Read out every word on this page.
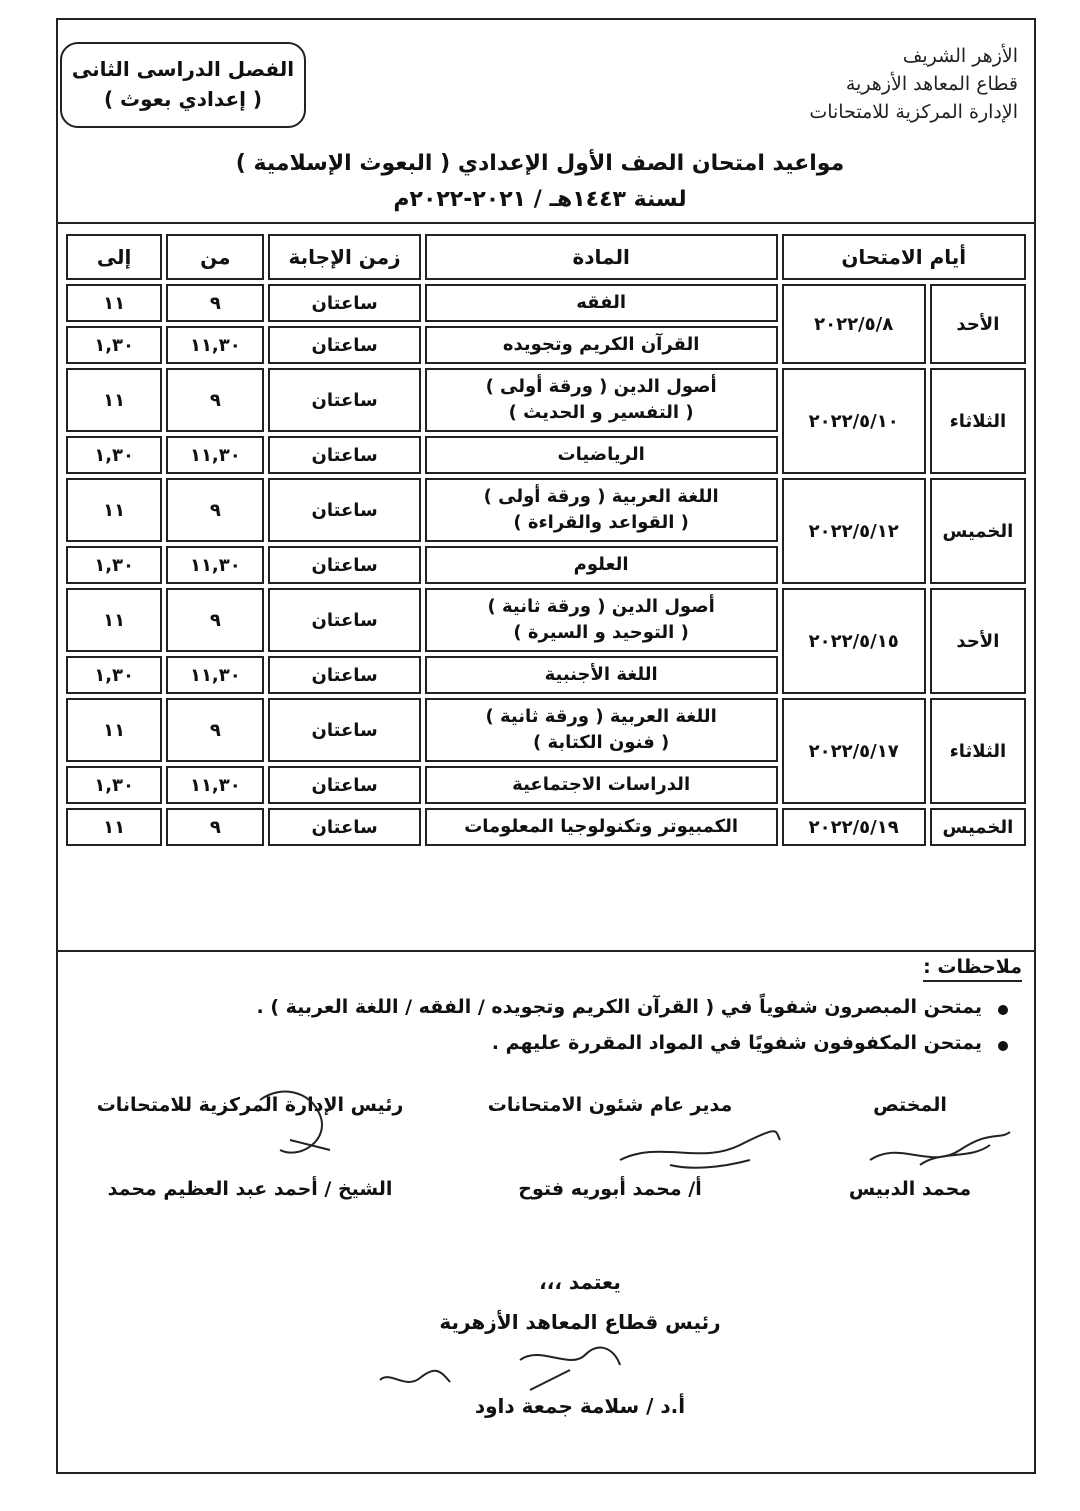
الفصل الدراسى الثانى
( إعدادي بعوث )
الأزهر الشريف
قطاع المعاهد الأزهرية
الإدارة المركزية للامتحانات
مواعيد امتحان الصف الأول الإعدادي ( البعوث الإسلامية )
لسنة ١٤٤٣هـ / ٢٠٢١-٢٠٢٢م
أيام الامتحان		المادة	زمن الإجابة	من	إلى
الأحد	٢٠٢٢/٥/٨	الفقه	ساعتان	٩	١١

		القرآن الكريم وتجويده	ساعتان	١١,٣٠	١,٣٠
الثلاثاء	٢٠٢٢/٥/١٠	أصول الدين ( ورقة أولى )
( التفسير و الحديث )	ساعتان	٩	١١

		الرياضيات	ساعتان	١١,٣٠	١,٣٠
الخميس	٢٠٢٢/٥/١٢	اللغة العربية ( ورقة أولى )
( القواعد والقراءة )	ساعتان	٩	١١

		العلوم	ساعتان	١١,٣٠	١,٣٠
الأحد	٢٠٢٢/٥/١٥	أصول الدين ( ورقة ثانية )
( التوحيد و السيرة )	ساعتان	٩	١١

		اللغة الأجنبية	ساعتان	١١,٣٠	١,٣٠
الثلاثاء	٢٠٢٢/٥/١٧	اللغة العربية ( ورقة ثانية )
( فنون الكتابة )	ساعتان	٩	١١

		الدراسات الاجتماعية	ساعتان	١١,٣٠	١,٣٠
الخميس	٢٠٢٢/٥/١٩	الكمبيوتر وتكنولوجيا المعلومات	ساعتان	٩	١١
ملاحظات :
يمتحن المبصرون شفوياً في ( القرآن الكريم وتجويده / الفقه / اللغة العربية ) .
يمتحن المكفوفون شفويًا في المواد المقررة عليهم .
المختص
مدير عام شئون الامتحانات
رئيس الإدارة المركزية للامتحانات
محمد الدبيس
أ/ محمد أبوريه فتوح
الشيخ / أحمد عبد العظيم محمد
يعتمد ،،،
رئيس قطاع المعاهد الأزهرية
أ.د / سلامة جمعة داود
